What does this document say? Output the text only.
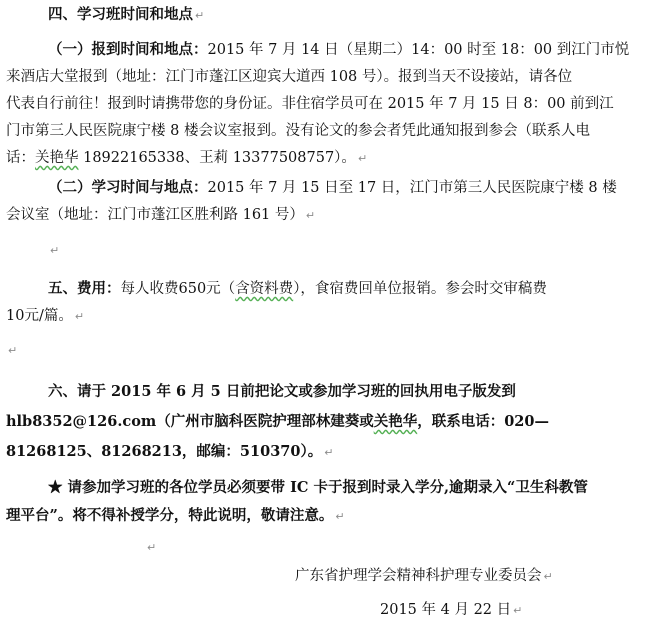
四、学习班时间和地点 ↵
（一）报到时间和地点：2015 年 7 月 14 日（星期二）14：00 时至 18：00 到江门市悦
来酒店大堂报到（地址：江门市蓬江区迎宾大道西 108 号）。报到当天不设接站，请各位
代表自行前往！报到时请携带您的身份证。非住宿学员可在 2015 年 7 月 15 日 8：00 前到江
门市第三人民医院康宁楼 8 楼会议室报到。没有论文的参会者凭此通知报到参会（联系人电
话：关艳华 18922165338、王莉 13377508757）。 ↵
（二）学习时间与地点：2015 年 7 月 15 日至 17 日，江门市第三人民医院康宁楼 8 楼
会议室（地址：江门市蓬江区胜利路 161 号） ↵
↵
五、费用：每人收费650元（含资料费），食宿费回单位报销。参会时交审稿费
10元/篇。 ↵
↵
六、请于 2015 年 6 月 5 日前把论文或参加学习班的回执用电子版发到
hlb8352@126.com（广州市脑科医院护理部林建葵或关艳华，联系电话：020—
81268125、81268213，邮编：510370）。 ↵
★ 请参加学习班的各位学员必须要带 IC 卡于报到时录入学分,逾期录入“卫生科教管
理平台”。将不得补授学分，特此说明，敬请注意。 ↵
↵
广东省护理学会精神科护理专业委员会 ↵
2015 年 4 月 22 日 ↵
